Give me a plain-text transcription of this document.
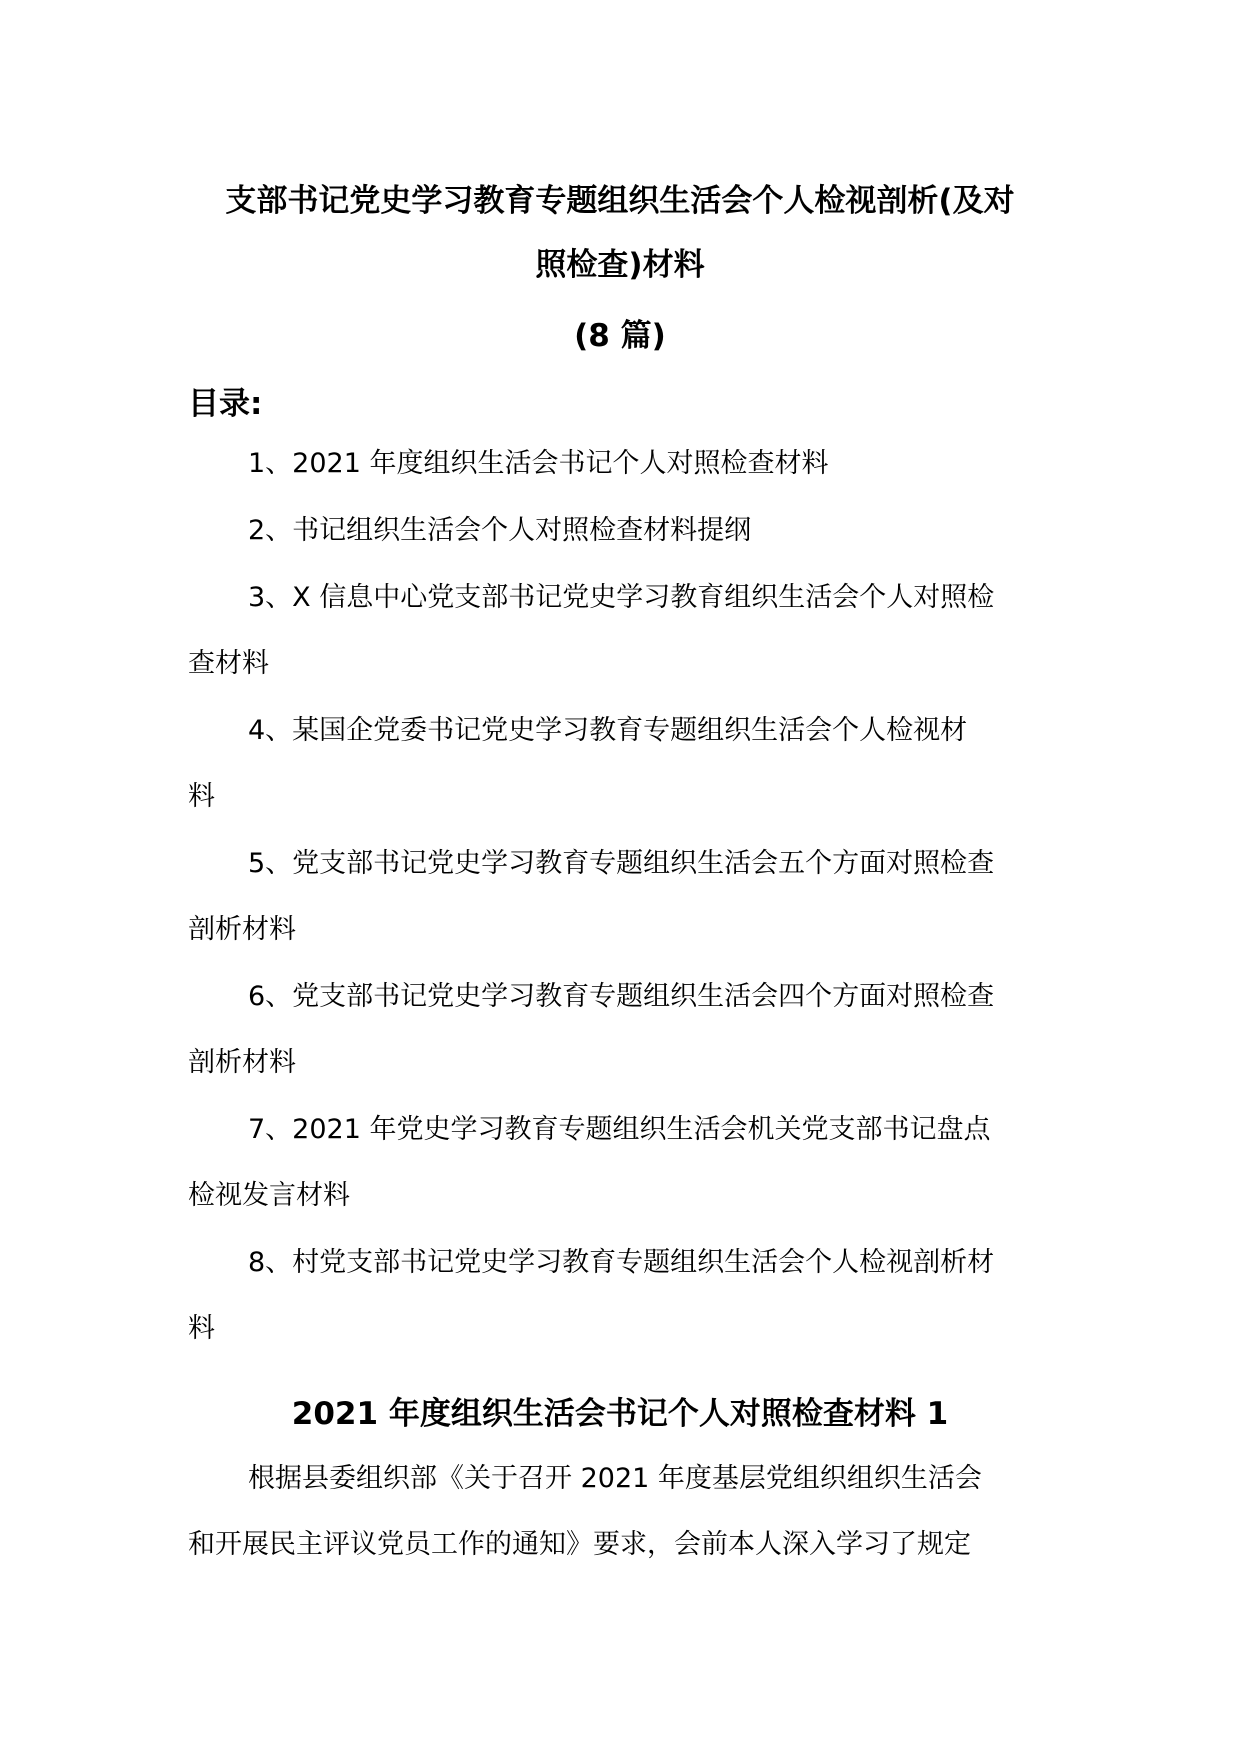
支部书记党史学习教育专题组织生活会个人检视剖析(及对
照检查)材料
(8 篇)
目录:
1、2021 年度组织生活会书记个人对照检查材料
2、书记组织生活会个人对照检查材料提纲
3、X 信息中心党支部书记党史学习教育组织生活会个人对照检
查材料
4、某国企党委书记党史学习教育专题组织生活会个人检视材
料
5、党支部书记党史学习教育专题组织生活会五个方面对照检查
剖析材料
6、党支部书记党史学习教育专题组织生活会四个方面对照检查
剖析材料
7、2021 年党史学习教育专题组织生活会机关党支部书记盘点
检视发言材料
8、村党支部书记党史学习教育专题组织生活会个人检视剖析材
料
2021 年度组织生活会书记个人对照检查材料 1
根据县委组织部《关于召开 2021 年度基层党组织组织生活会
和开展民主评议党员工作的通知》要求，会前本人深入学习了规定
